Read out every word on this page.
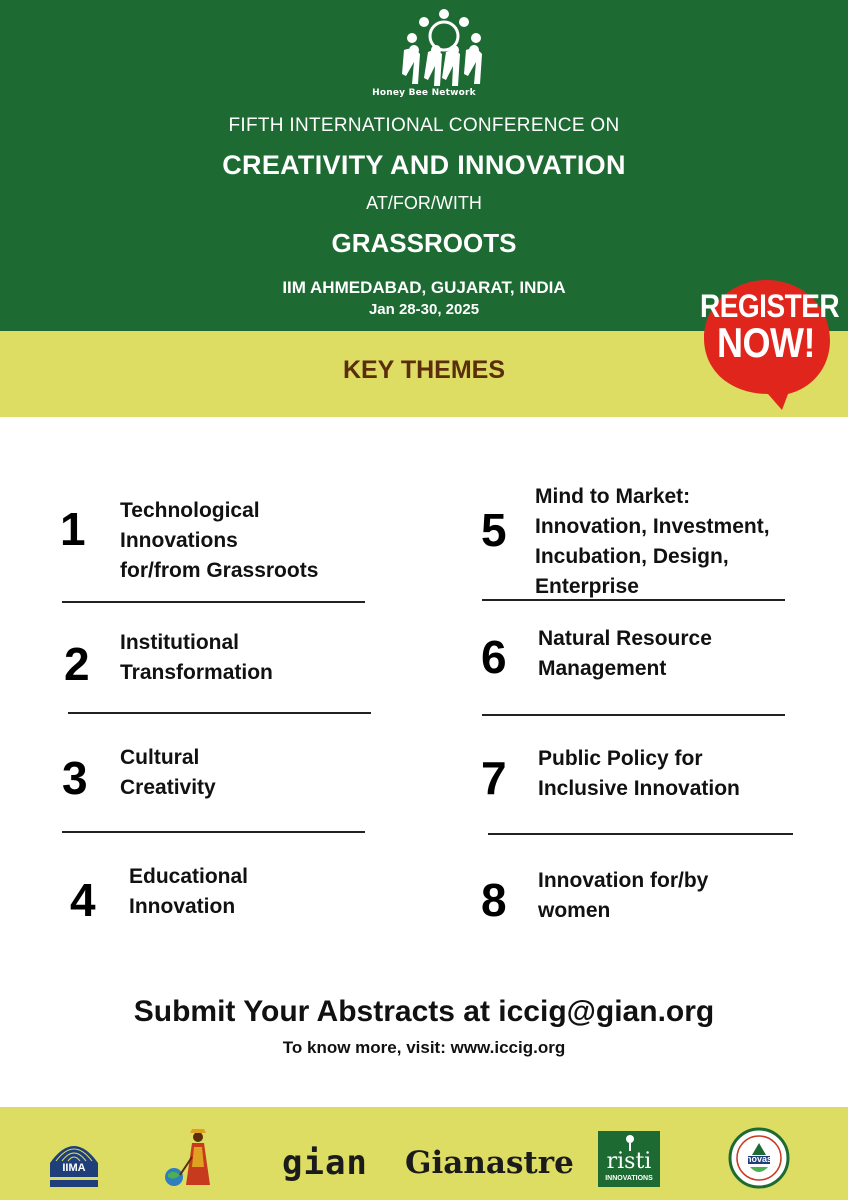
Honey Bee Network
FIFTH INTERNATIONAL CONFERENCE ON
CREATIVITY AND INNOVATION
AT/FOR/WITH
GRASSROOTS
IIM AHMEDABAD, GUJARAT, INDIA
Jan 28-30, 2025
KEY THEMES
REGISTER
NOW!
1 Technological
Innovations
for/from Grassroots
2 Institutional
Transformation
3 Cultural
Creativity
4 Educational
Innovation
5
Mind to Market:
Innovation, Investment,
Incubation, Design,
Enterprise
6 Natural Resource
Management
7 Public Policy for
Inclusive Innovation
8 Innovation for/by
women
Submit Your Abstracts at iccig@gian.org
To know more, visit: www.iccig.org
IIMA	gian Gianastre	risti
INNOVATIONS
inovasi
